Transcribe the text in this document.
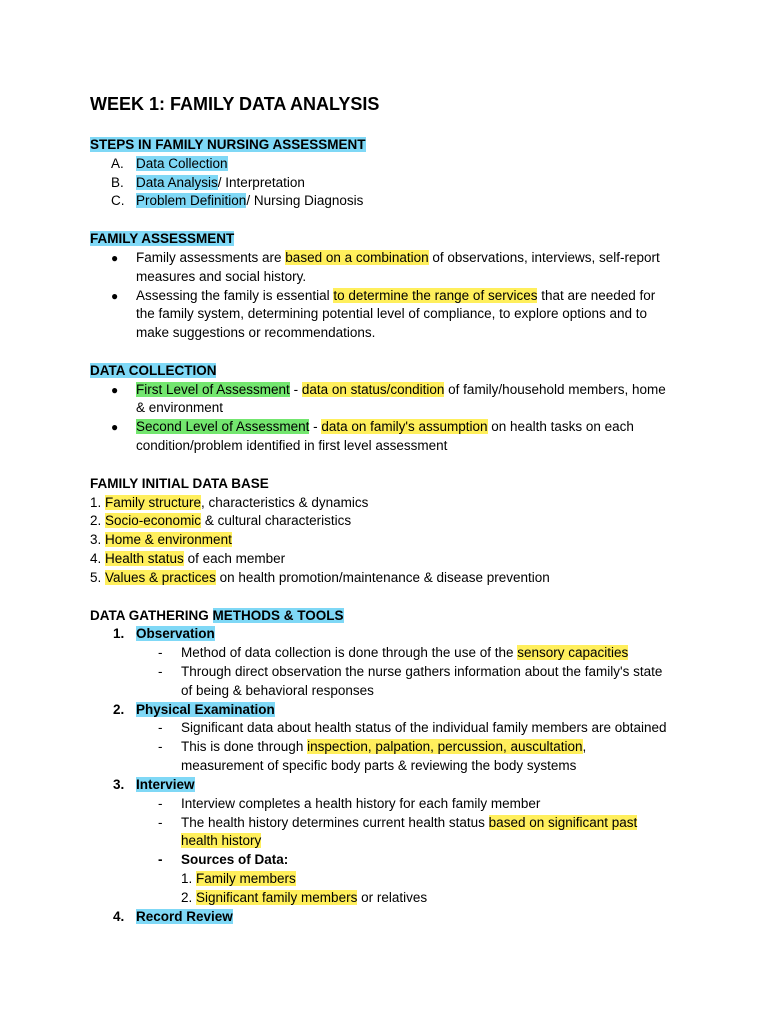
WEEK 1: FAMILY DATA ANALYSIS
STEPS IN FAMILY NURSING ASSESSMENT
A. Data Collection
B. Data Analysis/ Interpretation
C. Problem Definition/ Nursing Diagnosis
FAMILY ASSESSMENT
● Family assessments are based on a combination of observations, interviews, self-report
measures and social history.
● Assessing the family is essential to determine the range of services that are needed for
the family system, determining potential level of compliance, to explore options and to
make suggestions or recommendations.
DATA COLLECTION
● First Level of Assessment - data on status/condition of family/household members, home
& environment
● Second Level of Assessment - data on family's assumption on health tasks on each
condition/problem identified in first level assessment
FAMILY INITIAL DATA BASE
1. Family structure, characteristics & dynamics
2. Socio-economic & cultural characteristics
3. Home & environment
4. Health status of each member
5. Values & practices on health promotion/maintenance & disease prevention
DATA GATHERING METHODS & TOOLS
1. Observation
- Method of data collection is done through the use of the sensory capacities
- Through direct observation the nurse gathers information about the family's state
of being & behavioral responses
2. Physical Examination
- Significant data about health status of the individual family members are obtained
- This is done through inspection, palpation, percussion, auscultation,
measurement of specific body parts & reviewing the body systems
3. Interview
- Interview completes a health history for each family member
- The health history determines current health status based on significant past
health history
- Sources of Data:
1. Family members
2. Significant family members or relatives
4. Record Review
